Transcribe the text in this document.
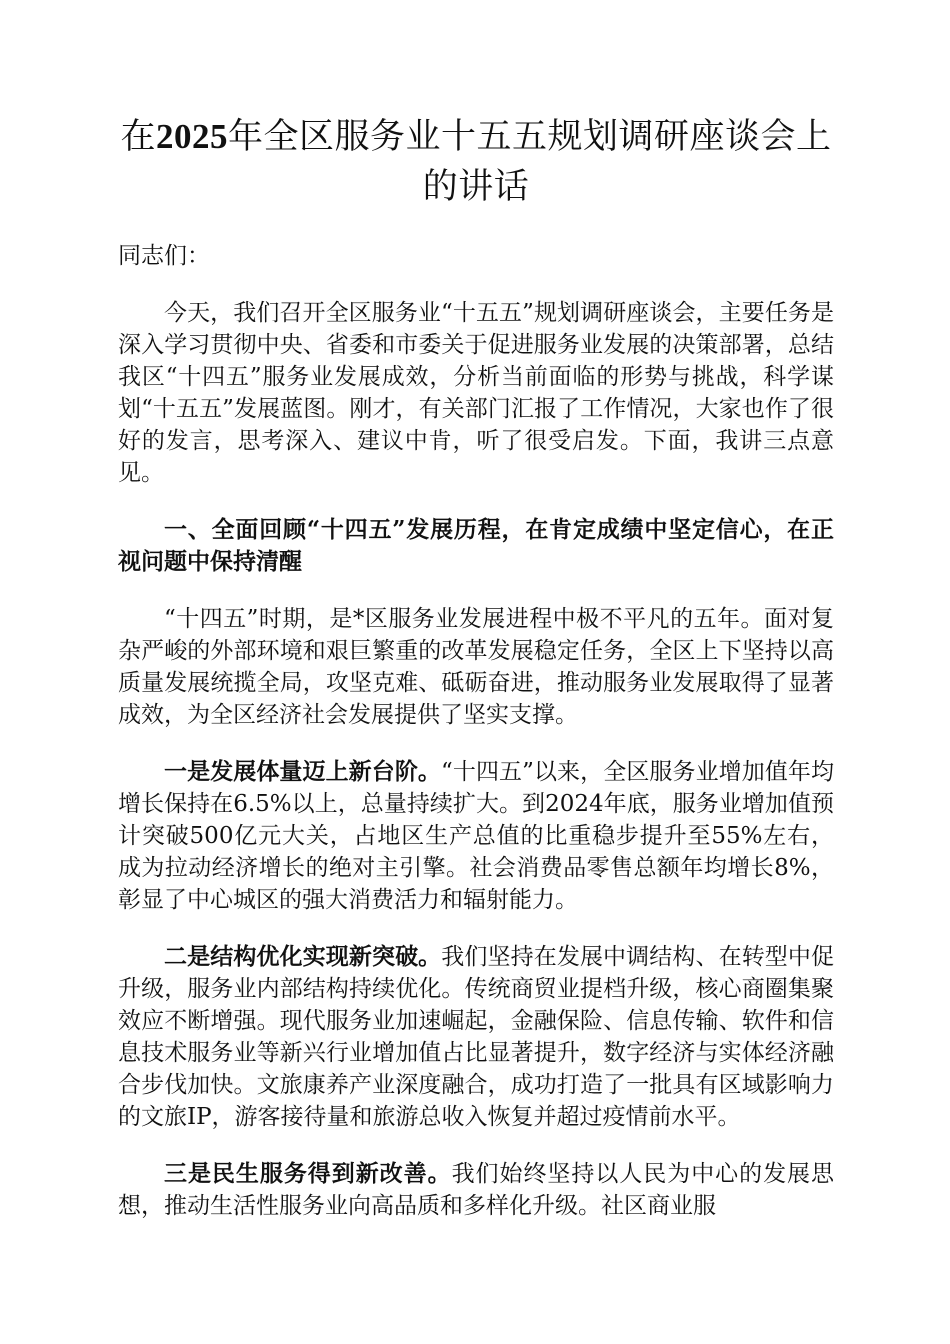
在2025年全区服务业十五五规划调研座谈会上的讲话

同志们：

今天，我们召开全区服务业“十五五”规划调研座谈会，主要任务是深入学习贯彻中央、省委和市委关于促进服务业发展的决策部署，总结我区“十四五”服务业发展成效，分析当前面临的形势与挑战，科学谋划“十五五”发展蓝图。刚才，有关部门汇报了工作情况，大家也作了很好的发言，思考深入、建议中肯，听了很受启发。下面，我讲三点意见。

一、全面回顾“十四五”发展历程，在肯定成绩中坚定信心，在正视问题中保持清醒

“十四五”时期，是*区服务业发展进程中极不平凡的五年。面对复杂严峻的外部环境和艰巨繁重的改革发展稳定任务，全区上下坚持以高质量发展统揽全局，攻坚克难、砥砺奋进，推动服务业发展取得了显著成效，为全区经济社会发展提供了坚实支撑。

一是发展体量迈上新台阶。“十四五”以来，全区服务业增加值年均增长保持在6.5%以上，总量持续扩大。到2024年底，服务业增加值预计突破500亿元大关，占地区生产总值的比重稳步提升至55%左右，成为拉动经济增长的绝对主引擎。社会消费品零售总额年均增长8%，彰显了中心城区的强大消费活力和辐射能力。

二是结构优化实现新突破。我们坚持在发展中调结构、在转型中促升级，服务业内部结构持续优化。传统商贸业提档升级，核心商圈集聚效应不断增强。现代服务业加速崛起，金融保险、信息传输、软件和信息技术服务业等新兴行业增加值占比显著提升，数字经济与实体经济融合步伐加快。文旅康养产业深度融合，成功打造了一批具有区域影响力的文旅IP，游客接待量和旅游总收入恢复并超过疫情前水平。

三是民生服务得到新改善。我们始终坚持以人民为中心的发展思想，推动生活性服务业向高品质和多样化升级。社区商业服
